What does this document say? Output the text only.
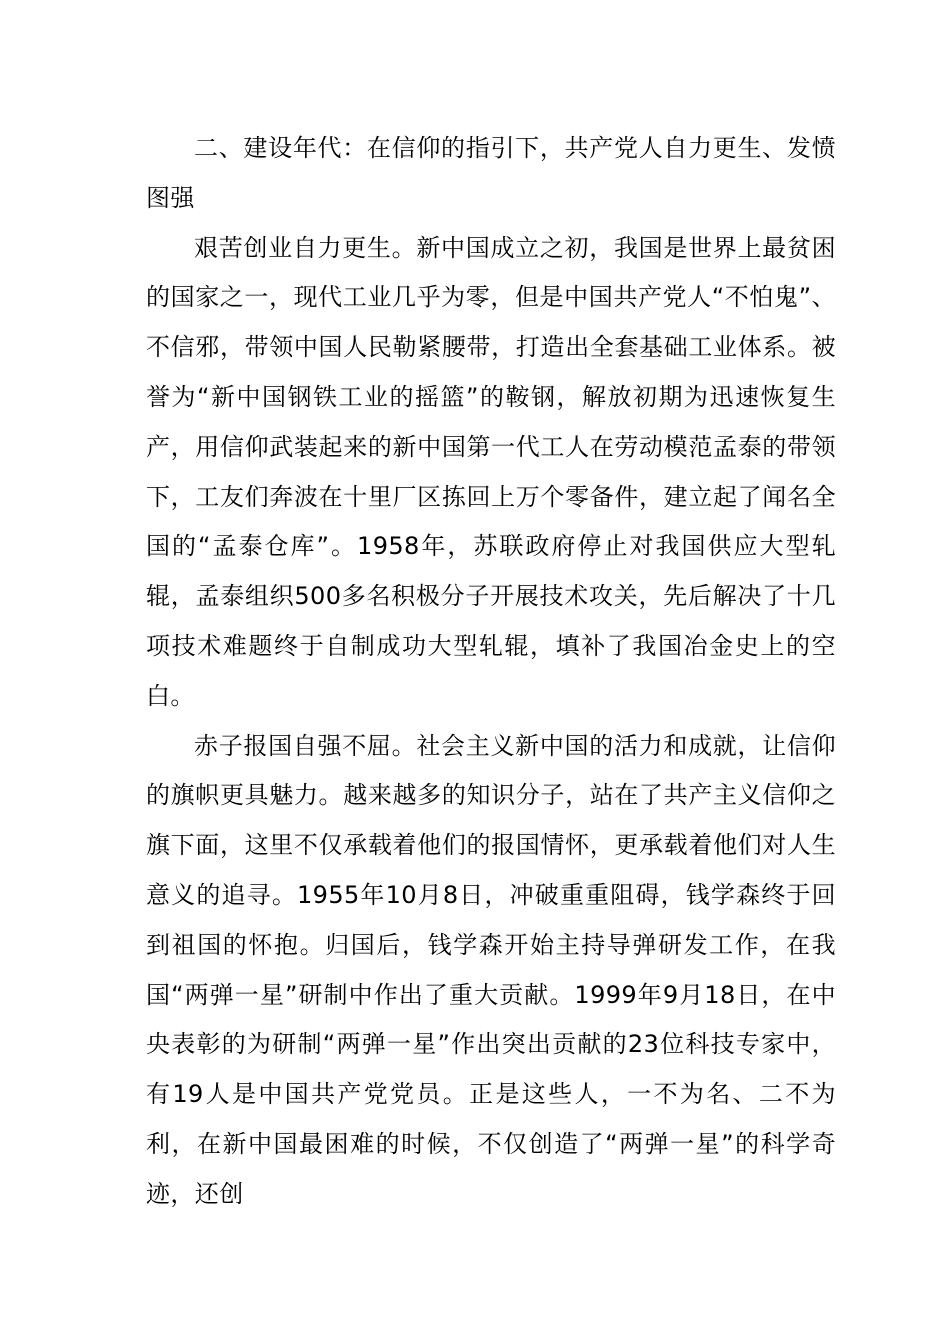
二、建设年代：在信仰的指引下，共产党人自力更生、发愤图强

艰苦创业自力更生。新中国成立之初，我国是世界上最贫困的国家之一，现代工业几乎为零，但是中国共产党人“不怕鬼”、不信邪，带领中国人民勒紧腰带，打造出全套基础工业体系。被誉为“新中国钢铁工业的摇篮”的鞍钢，解放初期为迅速恢复生产，用信仰武装起来的新中国第一代工人在劳动模范孟泰的带领下，工友们奔波在十里厂区拣回上万个零备件，建立起了闻名全国的“孟泰仓库”。1958年，苏联政府停止对我国供应大型轧辊，孟泰组织500多名积极分子开展技术攻关，先后解决了十几项技术难题终于自制成功大型轧辊，填补了我国冶金史上的空白。

赤子报国自强不屈。社会主义新中国的活力和成就，让信仰的旗帜更具魅力。越来越多的知识分子，站在了共产主义信仰之旗下面，这里不仅承载着他们的报国情怀，更承载着他们对人生意义的追寻。1955年10月8日，冲破重重阻碍，钱学森终于回到祖国的怀抱。归国后，钱学森开始主持导弹研发工作，在我国“两弹一星”研制中作出了重大贡献。1999年9月18日，在中央表彰的为研制“两弹一星”作出突出贡献的23位科技专家中，有19人是中国共产党党员。正是这些人，一不为名、二不为利，在新中国最困难的时候，不仅创造了“两弹一星”的科学奇迹，还创
